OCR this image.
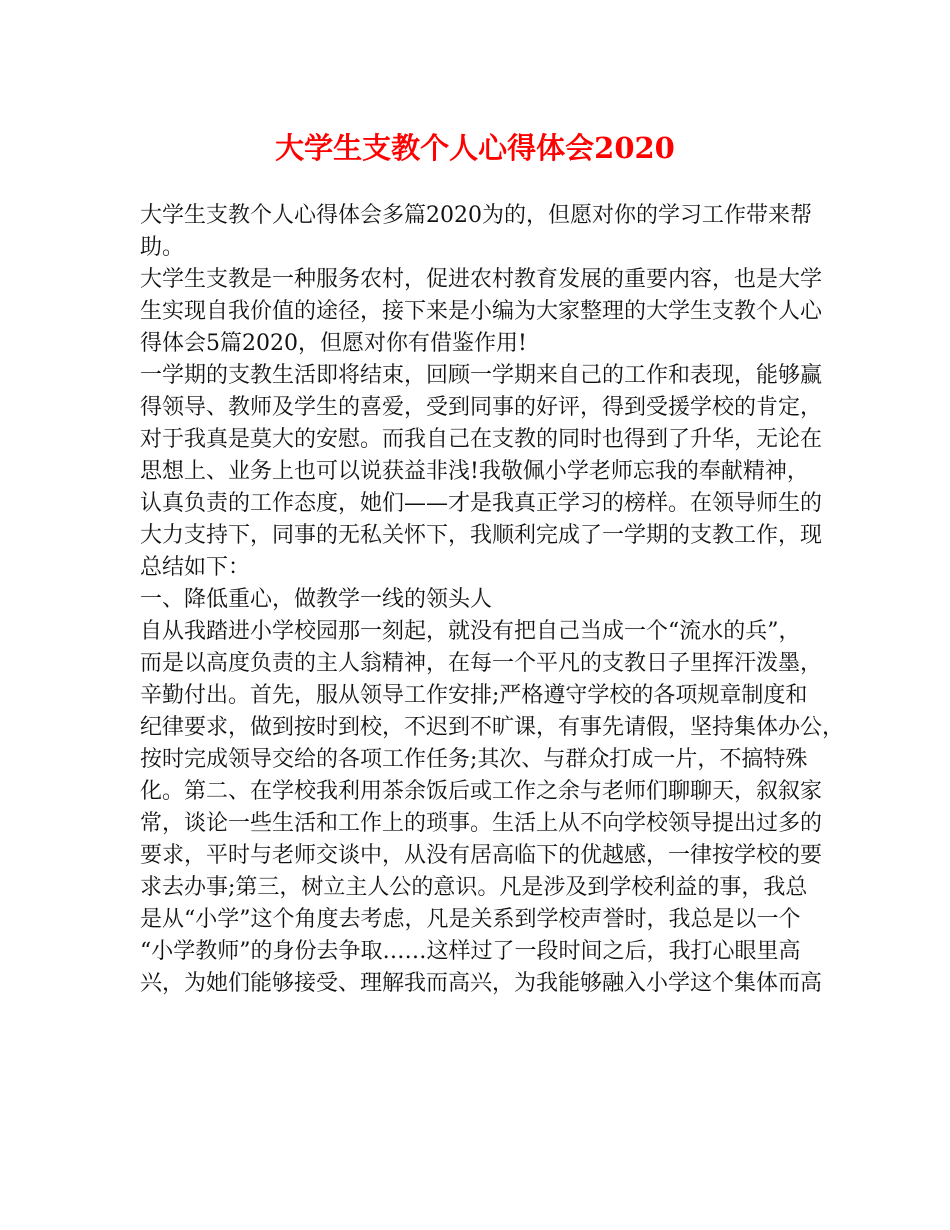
大学生支教个人心得体会2020
大学生支教个人心得体会多篇2020为的，但愿对你的学习工作带来帮
助。
大学生支教是一种服务农村，促进农村教育发展的重要内容，也是大学
生实现自我价值的途径，接下来是小编为大家整理的大学生支教个人心
得体会5篇2020，但愿对你有借鉴作用!
一学期的支教生活即将结束，回顾一学期来自己的工作和表现，能够赢
得领导、教师及学生的喜爱，受到同事的好评，得到受援学校的肯定，
对于我真是莫大的安慰。而我自己在支教的同时也得到了升华，无论在
思想上、业务上也可以说获益非浅!我敬佩小学老师忘我的奉献精神，
认真负责的工作态度，她们——才是我真正学习的榜样。在领导师生的
大力支持下，同事的无私关怀下，我顺利完成了一学期的支教工作，现
总结如下：
一、降低重心，做教学一线的领头人
自从我踏进小学校园那一刻起，就没有把自己当成一个“流水的兵”，
而是以高度负责的主人翁精神，在每一个平凡的支教日子里挥汗泼墨，
辛勤付出。首先，服从领导工作安排;严格遵守学校的各项规章制度和
纪律要求，做到按时到校，不迟到不旷课，有事先请假，坚持集体办公，
按时完成领导交给的各项工作任务;其次、与群众打成一片，不搞特殊
化。第二、在学校我利用茶余饭后或工作之余与老师们聊聊天，叙叙家
常，谈论一些生活和工作上的琐事。生活上从不向学校领导提出过多的
要求，平时与老师交谈中，从没有居高临下的优越感，一律按学校的要
求去办事;第三，树立主人公的意识。凡是涉及到学校利益的事，我总
是从“小学”这个角度去考虑，凡是关系到学校声誉时，我总是以一个
“小学教师”的身份去争取……这样过了一段时间之后，我打心眼里高
兴，为她们能够接受、理解我而高兴，为我能够融入小学这个集体而高
